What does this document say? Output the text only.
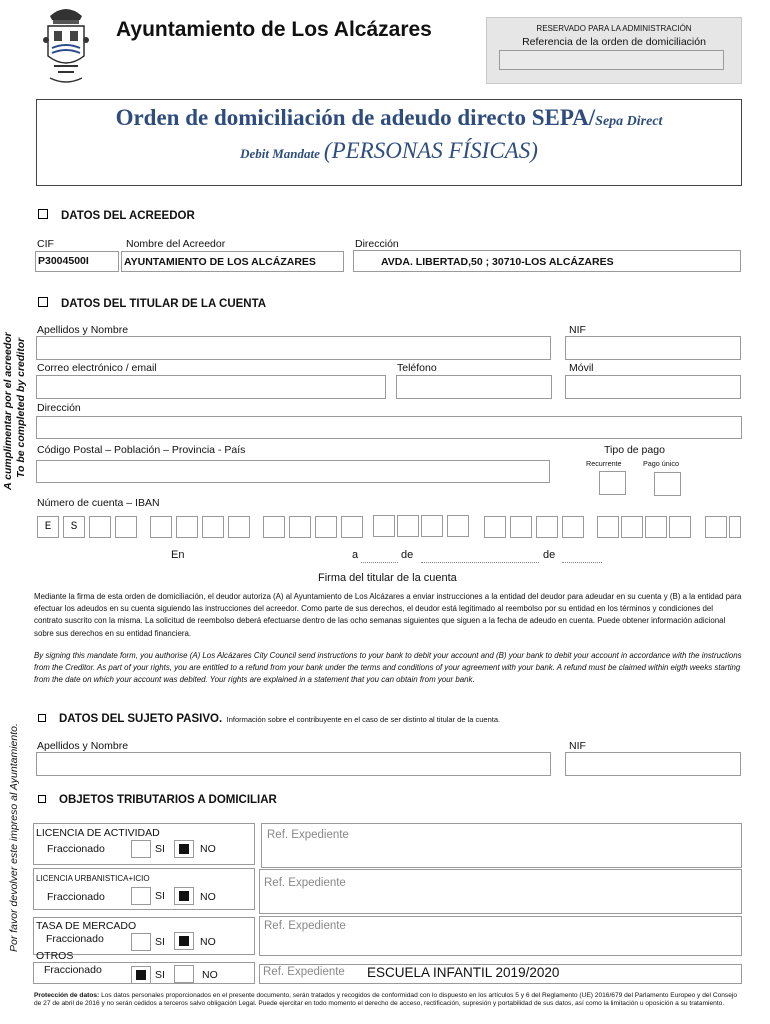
Ayuntamiento de Los Alcázares	RESERVADO PARA LA ADMINISTRACIÓN
Referencia de la orden de domiciliación
Orden de domiciliación de adeudo directo SEPA/Sepa Direct
Debit Mandate (PERSONAS FÍSICAS)
A cumplimentar por el acreedor To be completed by creditor
Por favor devolver este impreso al Ayuntamiento.
DATOS DEL ACREEDOR
CIF	Nombre del Acreedor	Dirección
P3004500I	AYUNTAMIENTO DE LOS ALCÁZARES	AVDA. LIBERTAD,50 ; 30710-LOS ALCÁZARES
DATOS DEL TITULAR DE LA CUENTA
Apellidos y Nombre	NIF
Correo electrónico / email	Teléfono	Móvil
Dirección
Código Postal – Población – Provincia - País	Tipo de pago
Recurrente	Pago único
Número de cuenta – IBAN
E	S
En	a	de	de
Firma del titular de la cuenta
Mediante la firma de esta orden de domiciliación, el deudor autoriza (A) al Ayuntamiento de Los Alcázares a enviar instrucciones a la entidad del deudor para adeudar en su cuenta y (B) a la entidad para efectuar los adeudos en su cuenta siguiendo las instrucciones del acreedor. Como parte de sus derechos, el deudor está legitimado al reembolso por su entidad en los términos y condiciones del contrato suscrito con la misma. La solicitud de reembolso deberá efectuarse dentro de las ocho semanas siguientes que siguen a la fecha de adeudo en cuenta. Puede obtener información adicional sobre sus derechos en su entidad financiera.
By signing this mandate form, you authorise (A) Los Alcázares City Council send instructions to your bank to debit your account and (B) your bank to debit your account in accordance with the instructions from the Creditor. As part of your rights, you are entitled to a refund from your bank under the terms and conditions of your agreement with your bank. A refund must be claimed within eigth weeks starting from the date on which your account was debited. Your rights are explained in a statement that you can obtain from your bank.
DATOS DEL SUJETO PASIVO. Información sobre el contribuyente en el caso de ser distinto al titular de la cuenta.
Apellidos y Nombre	NIF
OBJETOS TRIBUTARIOS A DOMICILIAR
LICENCIA DE ACTIVIDAD
Fraccionado	SI	NO
Ref. Expediente
LICENCIA URBANISTICA+ICIO
Fraccionado	SI	NO
Ref. Expediente
TASA DE MERCADO
Fraccionado	SI	NO
Ref. Expediente
OTROS
Fraccionado	SI	NO	Ref. Expediente ESCUELA INFANTIL 2019/2020
Protección de datos: Los datos personales proporcionados en el presente documento, serán tratados y recogidos de conformidad con lo dispuesto en los artículos 5 y 6 del Reglamento (UE) 2016/679 del Parlamento Europeo y del Consejo de 27 de abril de 2016 y no serán cedidos a terceros salvo obligación Legal. Puede ejercitar en todo momento el derecho de acceso, rectificación, supresión y portabilidad de sus datos, así como la limitación u oposición a su tratamiento.
